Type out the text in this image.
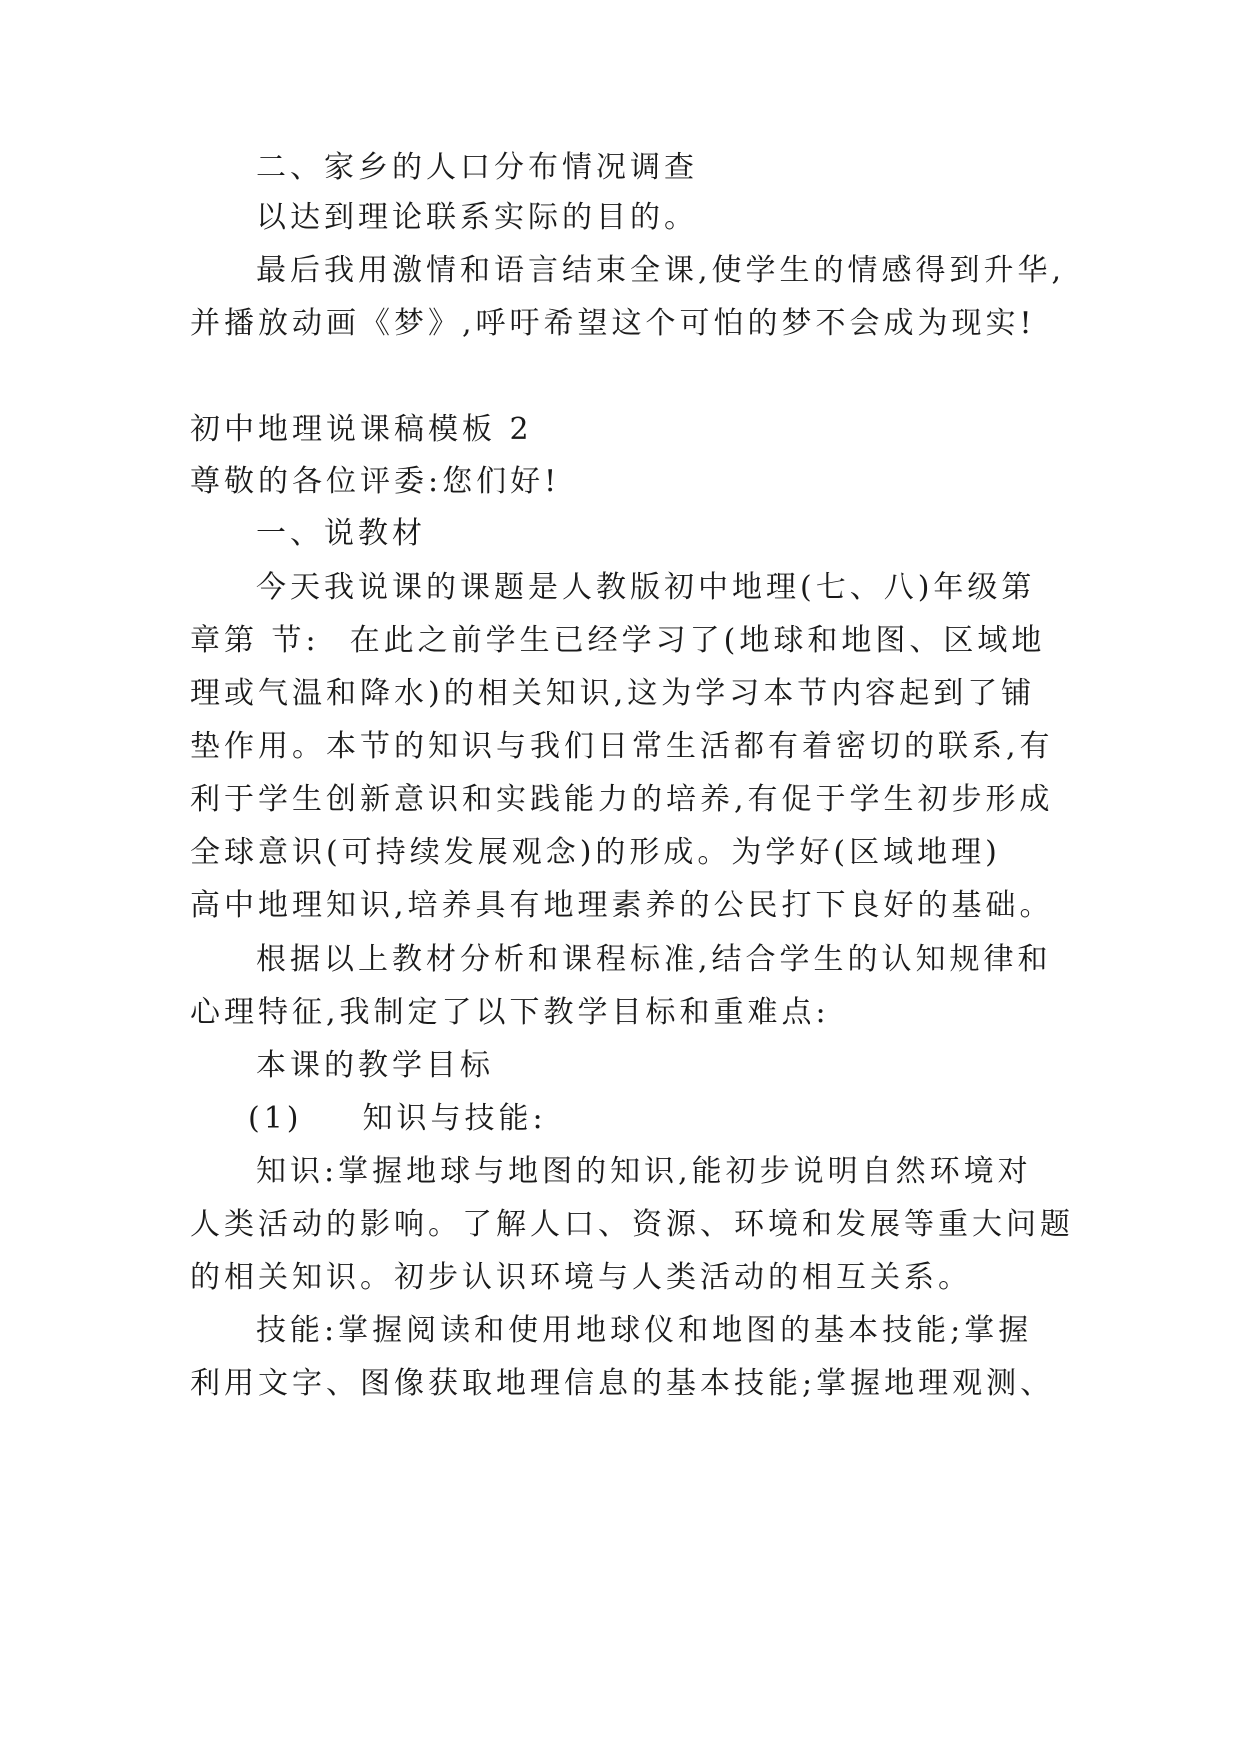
二、家乡的人口分布情况调查
以达到理论联系实际的目的。
最后我用激情和语言结束全课,使学生的情感得到升华,
并播放动画《梦》,呼吁希望这个可怕的梦不会成为现实!
初中地理说课稿模板 2
尊敬的各位评委:您们好!
一、说教材
今天我说课的课题是人教版初中地理(七、八)年级第
章第 节: 在此之前学生已经学习了(地球和地图、区域地
理或气温和降水)的相关知识,这为学习本节内容起到了铺
垫作用。本节的知识与我们日常生活都有着密切的联系,有
利于学生创新意识和实践能力的培养,有促于学生初步形成
全球意识(可持续发展观念)的形成。为学好(区域地理)
高中地理知识,培养具有地理素养的公民打下良好的基础。
根据以上教材分析和课程标准,结合学生的认知规律和
心理特征,我制定了以下教学目标和重难点:
本课的教学目标
(1) 知识与技能:
知识:掌握地球与地图的知识,能初步说明自然环境对
人类活动的影响。了解人口、资源、环境和发展等重大问题
的相关知识。初步认识环境与人类活动的相互关系。
技能:掌握阅读和使用地球仪和地图的基本技能;掌握
利用文字、图像获取地理信息的基本技能;掌握地理观测、
